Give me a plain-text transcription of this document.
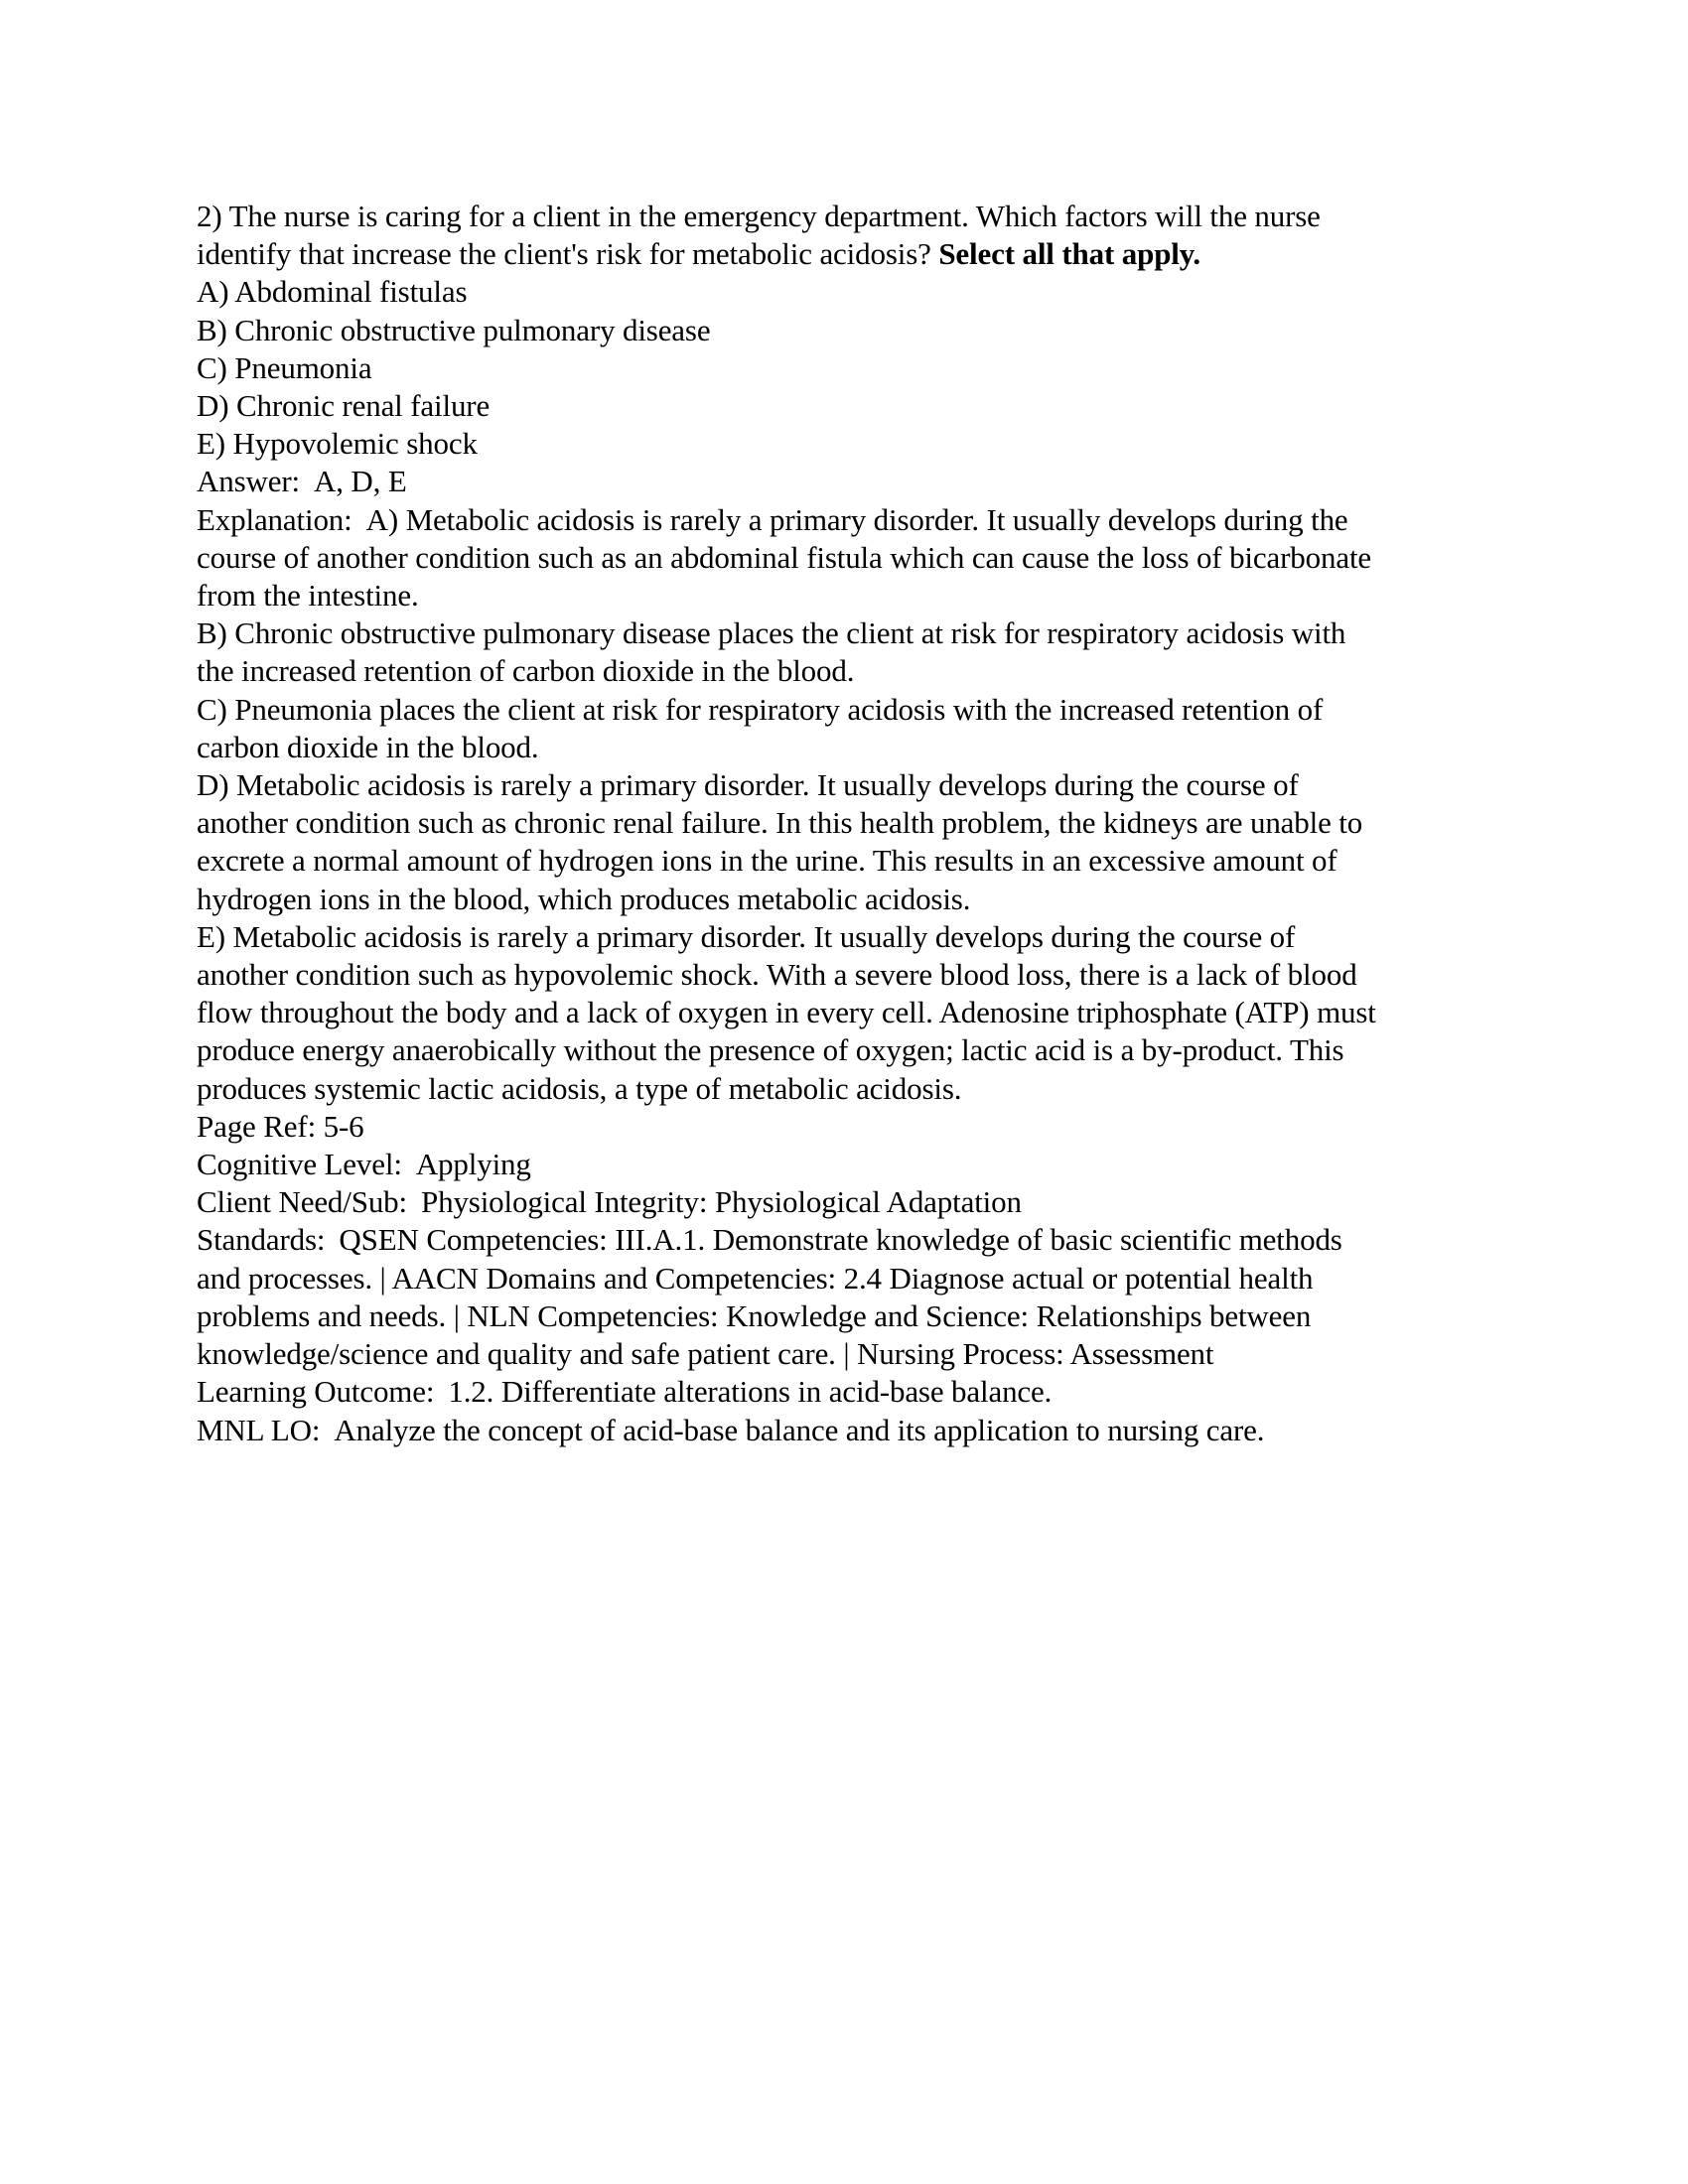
2) The nurse is caring for a client in the emergency department. Which factors will the nurse
identify that increase the client's risk for metabolic acidosis? Select all that apply.
A) Abdominal fistulas
B) Chronic obstructive pulmonary disease
C) Pneumonia
D) Chronic renal failure
E) Hypovolemic shock
Answer: A, D, E
Explanation: A) Metabolic acidosis is rarely a primary disorder. It usually develops during the
course of another condition such as an abdominal fistula which can cause the loss of bicarbonate
from the intestine.
B) Chronic obstructive pulmonary disease places the client at risk for respiratory acidosis with
the increased retention of carbon dioxide in the blood.
C) Pneumonia places the client at risk for respiratory acidosis with the increased retention of
carbon dioxide in the blood.
D) Metabolic acidosis is rarely a primary disorder. It usually develops during the course of
another condition such as chronic renal failure. In this health problem, the kidneys are unable to
excrete a normal amount of hydrogen ions in the urine. This results in an excessive amount of
hydrogen ions in the blood, which produces metabolic acidosis.
E) Metabolic acidosis is rarely a primary disorder. It usually develops during the course of
another condition such as hypovolemic shock. With a severe blood loss, there is a lack of blood
flow throughout the body and a lack of oxygen in every cell. Adenosine triphosphate (ATP) must
produce energy anaerobically without the presence of oxygen; lactic acid is a by-product. This
produces systemic lactic acidosis, a type of metabolic acidosis.
Page Ref: 5-6
Cognitive Level: Applying
Client Need/Sub: Physiological Integrity: Physiological Adaptation
Standards: QSEN Competencies: III.A.1. Demonstrate knowledge of basic scientific methods
and processes. | AACN Domains and Competencies: 2.4 Diagnose actual or potential health
problems and needs. | NLN Competencies: Knowledge and Science: Relationships between
knowledge/science and quality and safe patient care. | Nursing Process: Assessment
Learning Outcome: 1.2. Differentiate alterations in acid-base balance.
MNL LO: Analyze the concept of acid-base balance and its application to nursing care.
